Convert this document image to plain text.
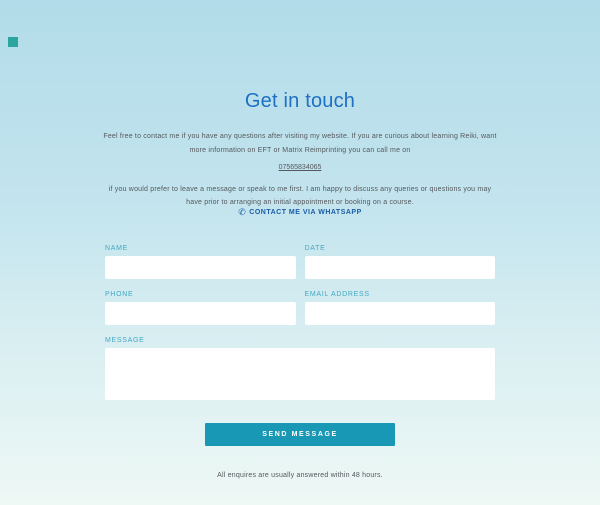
Get in touch

Feel free to contact me if you have any questions after visiting my website. If you are curious about learning Reiki, want more information on EFT or Matrix Reimprinting you can call me on

07565834065

if you would prefer to leave a message or speak to me first. I am happy to discuss any queries or questions you may have prior to arranging an initial appointment or booking on a course.

✆ CONTACT ME VIA WHATSAPP
NAME	DATE
PHONE	EMAIL ADDRESS
MESSAGE
SEND MESSAGE

All enquires are usually answered within 48 hours.
